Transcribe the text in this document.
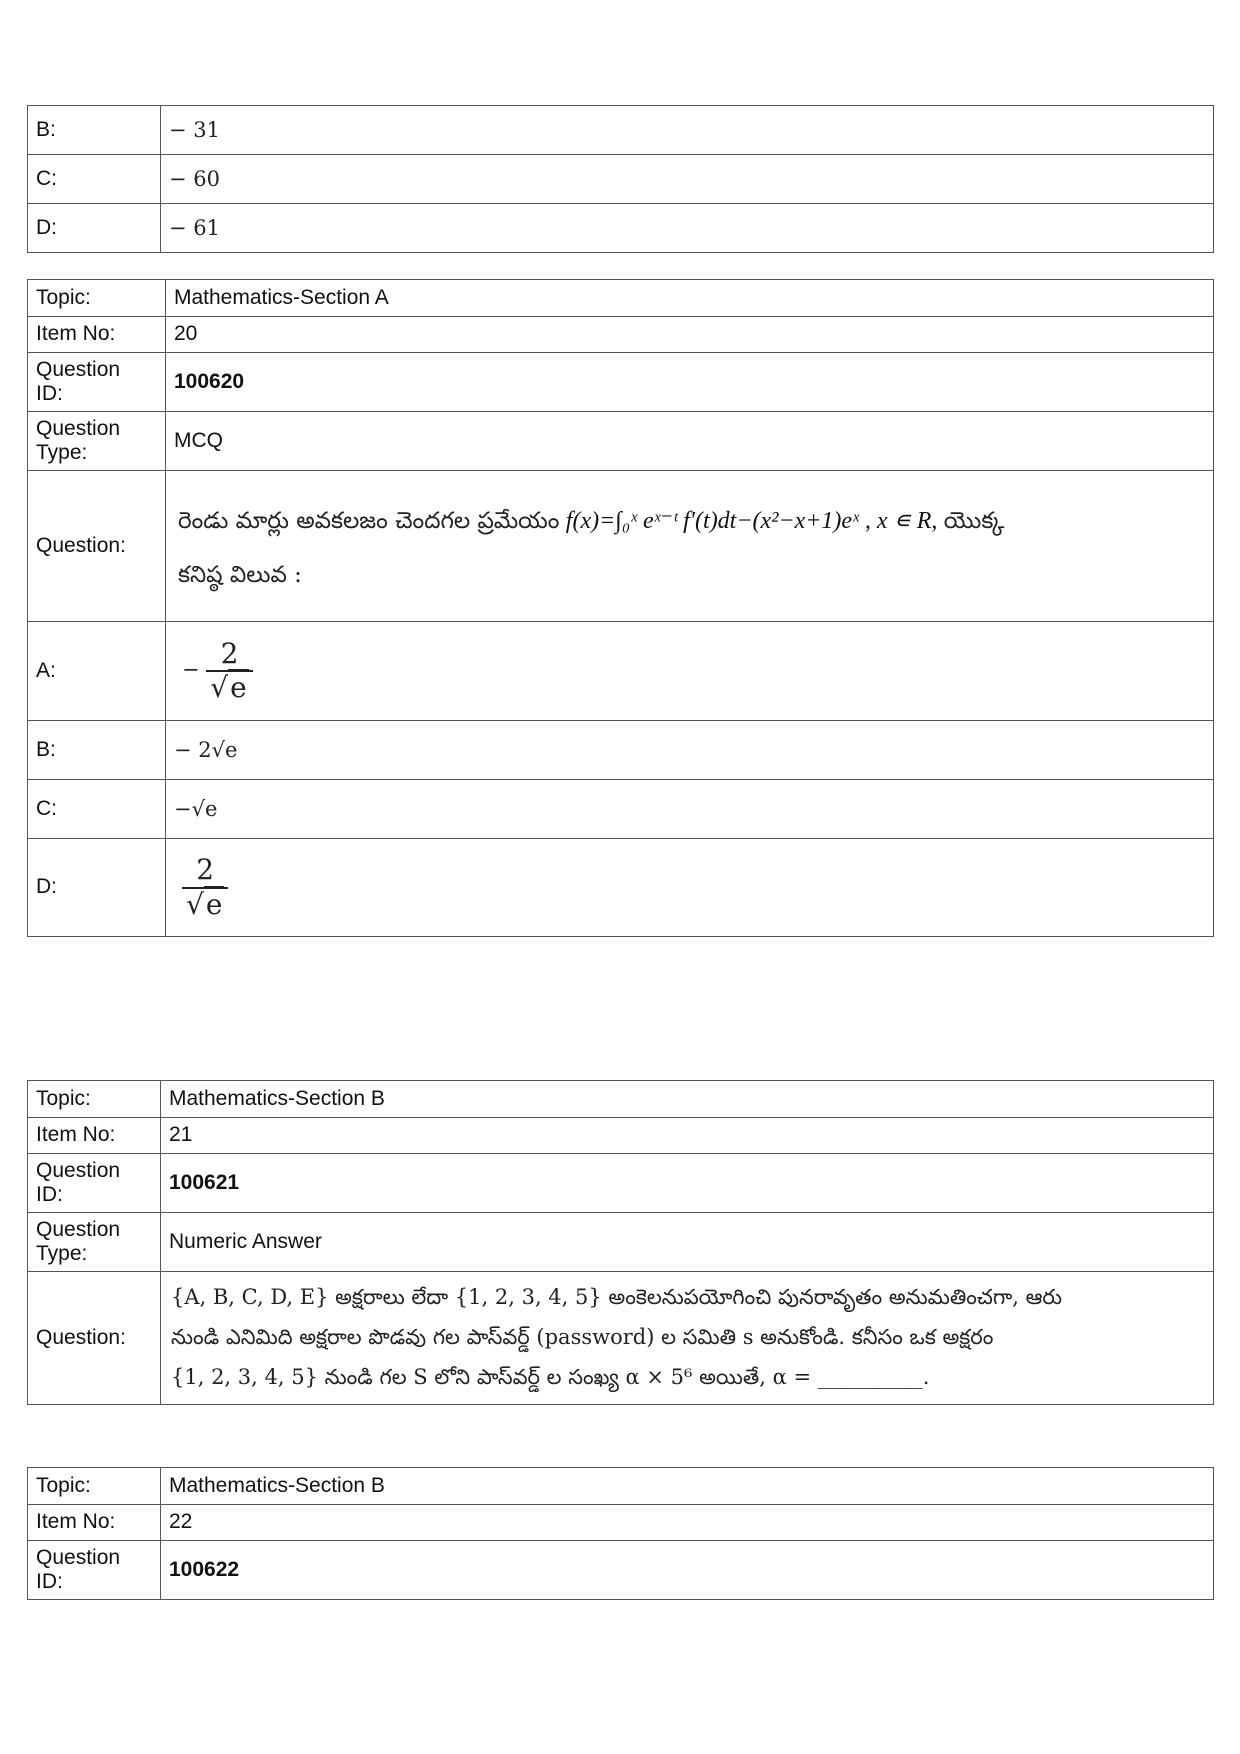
B:	− 31
C:	− 60
D:	− 61
Topic:	Mathematics-Section A
Item No:	20

Question
ID:	100620

Question
Type:	MCQ
Question:	రెండు మార్లు అవకలజం చెందగల ప్రమేయం f(x)=∫₀ˣ eˣ⁻ᵗ f′(t)dt−(x²−x+1)eˣ , x ∊ R, యొక్క
కనిష్ఠ విలువ :

A:	− $\frac{2}{√e}$

B:	− 2√e
C:	−√e
D:	$\frac{2}{√e}$
Topic:	Mathematics-Section B
Item No:	21

Question
ID:	100621

Question
Type:	Numeric Answer
Question:	{A, B, C, D, E} అక్షరాలు లేదా {1, 2, 3, 4, 5} అంకెలనుపయోగించి పునరావృతం అనుమతించగా, ఆరు
నుండి ఎనిమిది అక్షరాల పొడవు గల పాస్‌వర్డ్ (password) ల సమితి s అనుకోండి. కనీసం ఒక అక్షరం
{1, 2, 3, 4, 5} నుండి గల S లోని పాస్‌వర్డ్ ల సంఖ్య α × 5⁶ అయితే, α = __________.
Topic:	Mathematics-Section B
Item No:	22

Question
ID:	100622
